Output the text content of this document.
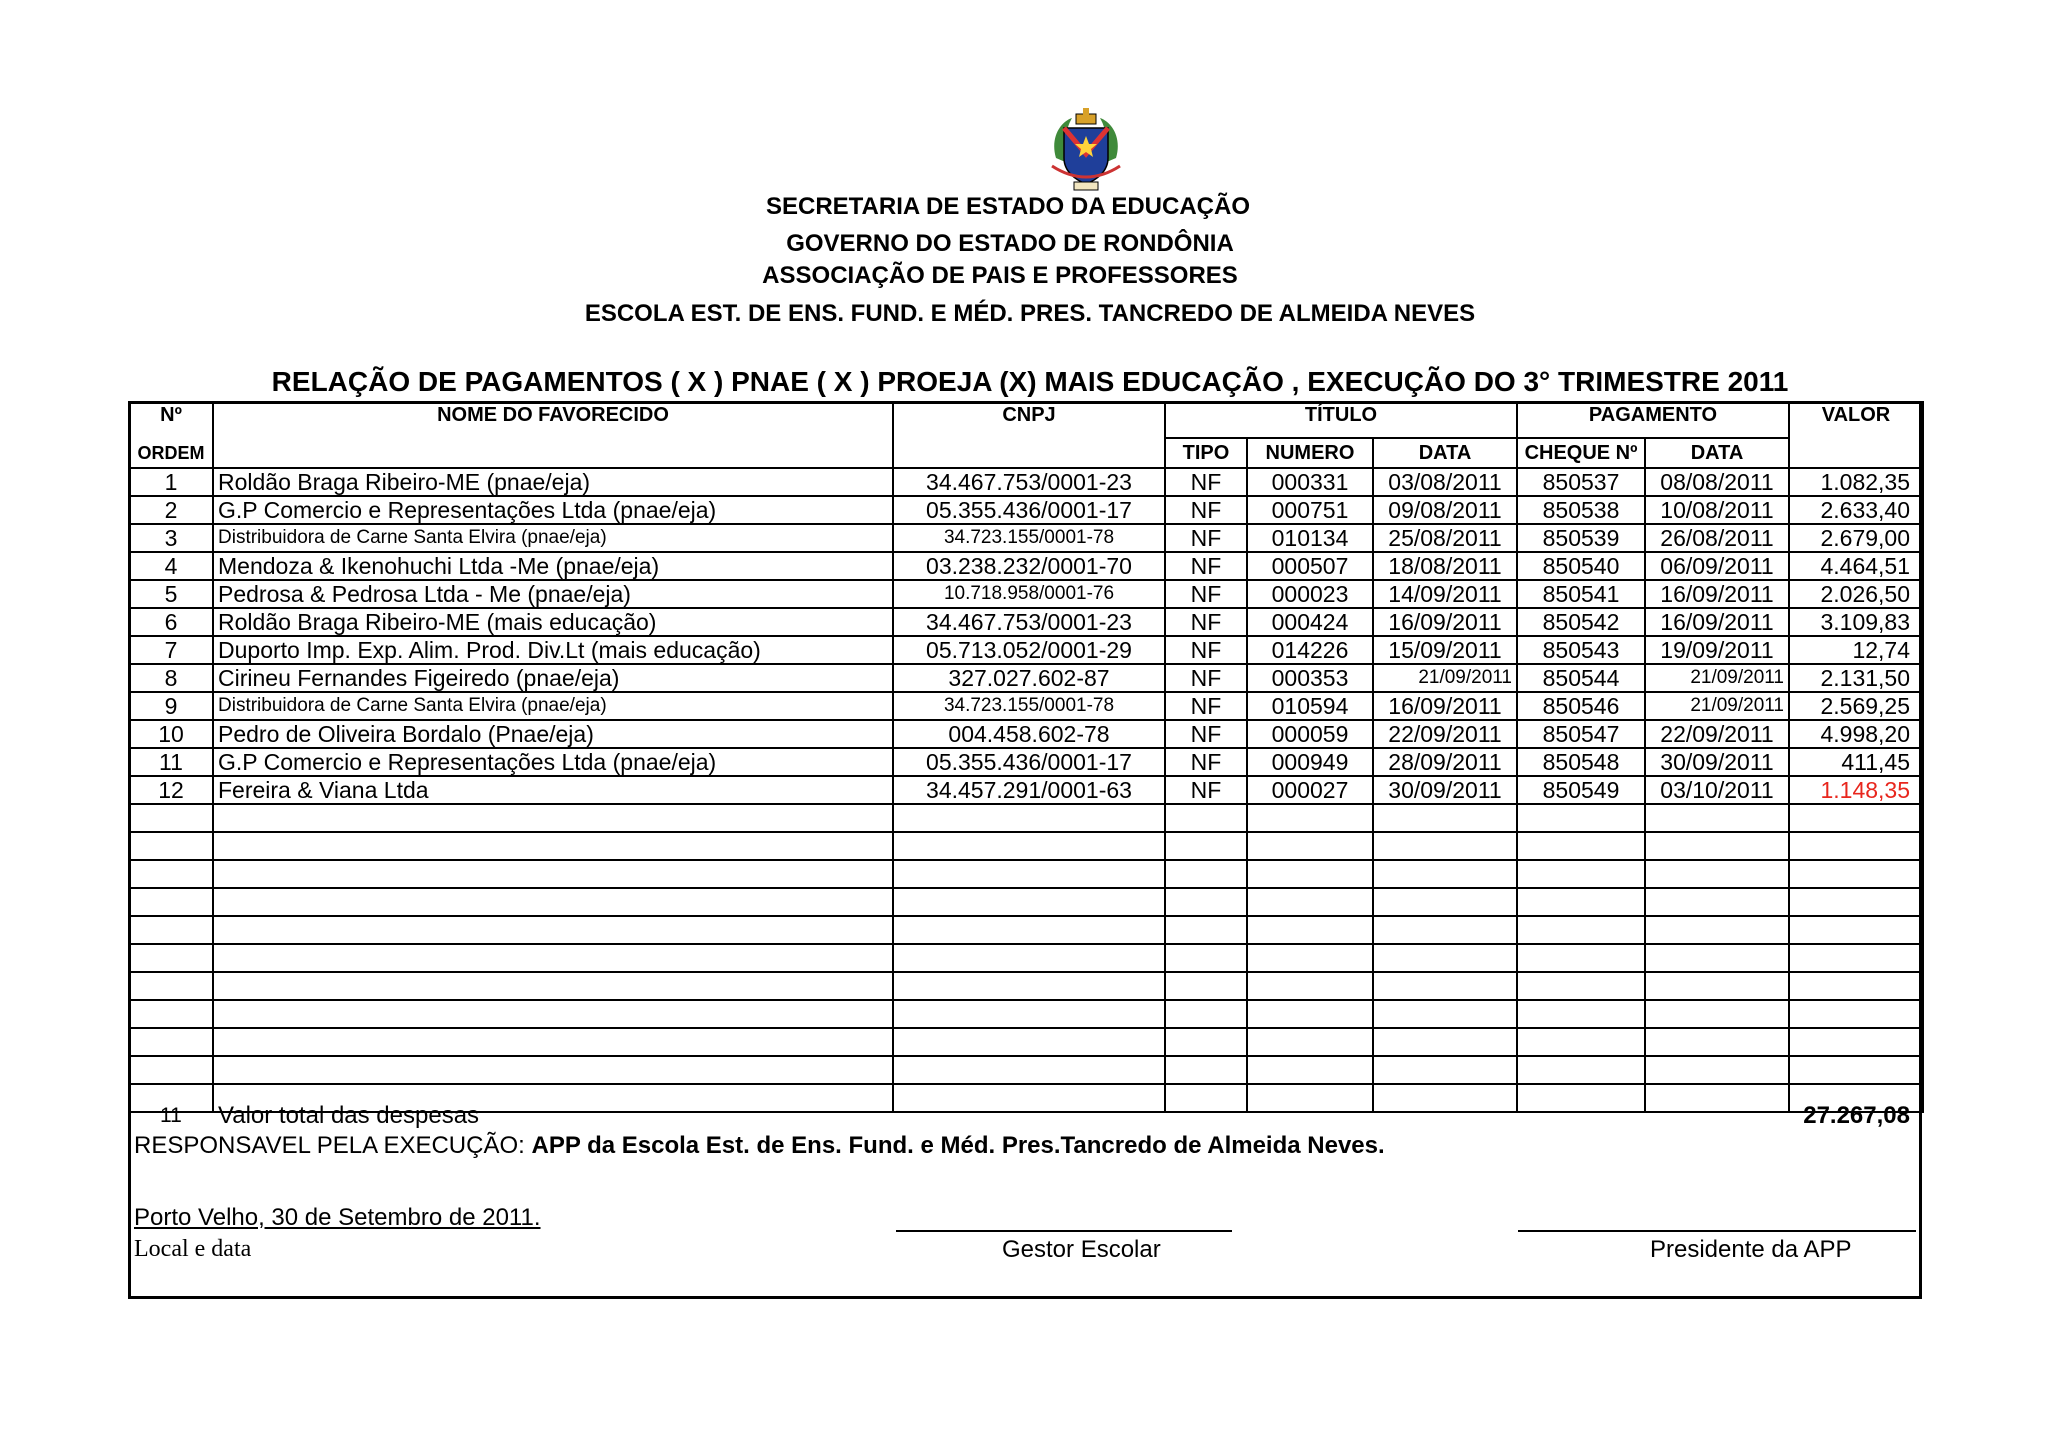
SECRETARIA DE ESTADO DA EDUCAÇÃO
GOVERNO DO ESTADO DE RONDÔNIA
ASSOCIAÇÃO DE PAIS E PROFESSORES
ESCOLA EST. DE ENS. FUND. E MÉD. PRES. TANCREDO DE ALMEIDA NEVES
RELAÇÃO DE PAGAMENTOS ( X ) PNAE ( X ) PROEJA (X) MAIS EDUCAÇÃO , EXECUÇÃO DO 3° TRIMESTRE 2011
Nº	NOME DO FAVORECIDO	CNPJ	TÍTULO			PAGAMENTO		VALOR
ORDEM			TIPO	NUMERO	DATA	CHEQUE Nº	DATA	
1	Roldão Braga Ribeiro-ME (pnae/eja)	34.467.753/0001-23	NF	000331	03/08/2011	850537	08/08/2011	1.082,35
2	G.P Comercio e Representações Ltda (pnae/eja)	05.355.436/0001-17	NF	000751	09/08/2011	850538	10/08/2011	2.633,40
3	Distribuidora de Carne Santa Elvira (pnae/eja)	34.723.155/0001-78	NF	010134	25/08/2011	850539	26/08/2011	2.679,00
4	Mendoza & Ikenohuchi Ltda -Me (pnae/eja)	03.238.232/0001-70	NF	000507	18/08/2011	850540	06/09/2011	4.464,51
5	Pedrosa & Pedrosa Ltda - Me (pnae/eja)	10.718.958/0001-76	NF	000023	14/09/2011	850541	16/09/2011	2.026,50
6	Roldão Braga Ribeiro-ME (mais educação)	34.467.753/0001-23	NF	000424	16/09/2011	850542	16/09/2011	3.109,83
7	Duporto Imp. Exp. Alim. Prod. Div.Lt (mais educação)	05.713.052/0001-29	NF	014226	15/09/2011	850543	19/09/2011	12,74
8	Cirineu Fernandes Figeiredo (pnae/eja)	327.027.602-87	NF	000353	21/09/2011	850544	21/09/2011	2.131,50
9	Distribuidora de Carne Santa Elvira (pnae/eja)	34.723.155/0001-78	NF	010594	16/09/2011	850546	21/09/2011	2.569,25
10	Pedro de Oliveira Bordalo (Pnae/eja)	004.458.602-78	NF	000059	22/09/2011	850547	22/09/2011	4.998,20
11	G.P Comercio e Representações Ltda (pnae/eja)	05.355.436/0001-17	NF	000949	28/09/2011	850548	30/09/2011	411,45
12	Fereira & Viana Ltda	34.457.291/0001-63	NF	000027	30/09/2011	850549	03/10/2011	1.148,35

11 Valor total das despesas	27.267,08
RESPONSAVEL PELA EXECUÇÃO: APP da Escola Est. de Ens. Fund. e Méd. Pres.Tancredo de Almeida Neves.
Porto Velho, 30 de Setembro de 2011.
Local e data	Gestor Escolar	Presidente da APP
